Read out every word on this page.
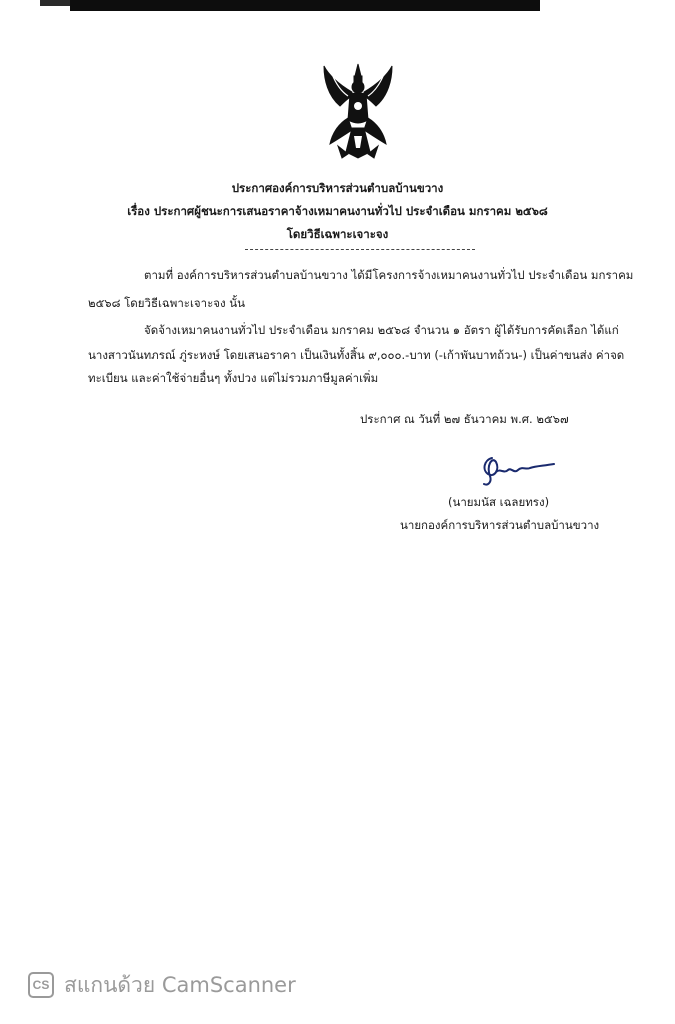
ประกาศองค์การบริหารส่วนตำบลบ้านขวาง
เรื่อง ประกาศผู้ชนะการเสนอราคาจ้างเหมาคนงานทั่วไป ประจำเดือน มกราคม ๒๕๖๘
โดยวิธีเฉพาะเจาะจง
ตามที่ องค์การบริหารส่วนตำบลบ้านขวาง ได้มีโครงการจ้างเหมาคนงานทั่วไป ประจำเดือน มกราคม
๒๕๖๘ โดยวิธีเฉพาะเจาะจง นั้น
จัดจ้างเหมาคนงานทั่วไป ประจำเดือน มกราคม ๒๕๖๘ จำนวน ๑ อัตรา ผู้ได้รับการคัดเลือก ได้แก่
นางสาวนันทภรณ์ ภู่ระหงษ์ โดยเสนอราคา เป็นเงินทั้งสิ้น ๙,๐๐๐.-บาท (-เก้าพันบาทถ้วน-) เป็นค่าขนส่ง ค่าจด
ทะเบียน และค่าใช้จ่ายอื่นๆ ทั้งปวง แต่ไม่รวมภาษีมูลค่าเพิ่ม
ประกาศ ณ วันที่ ๒๗ ธันวาคม พ.ศ. ๒๕๖๗
(นายมนัส เฉลยทรง)
นายกองค์การบริหารส่วนตำบลบ้านขวาง
CS สแกนด้วย CamScanner
